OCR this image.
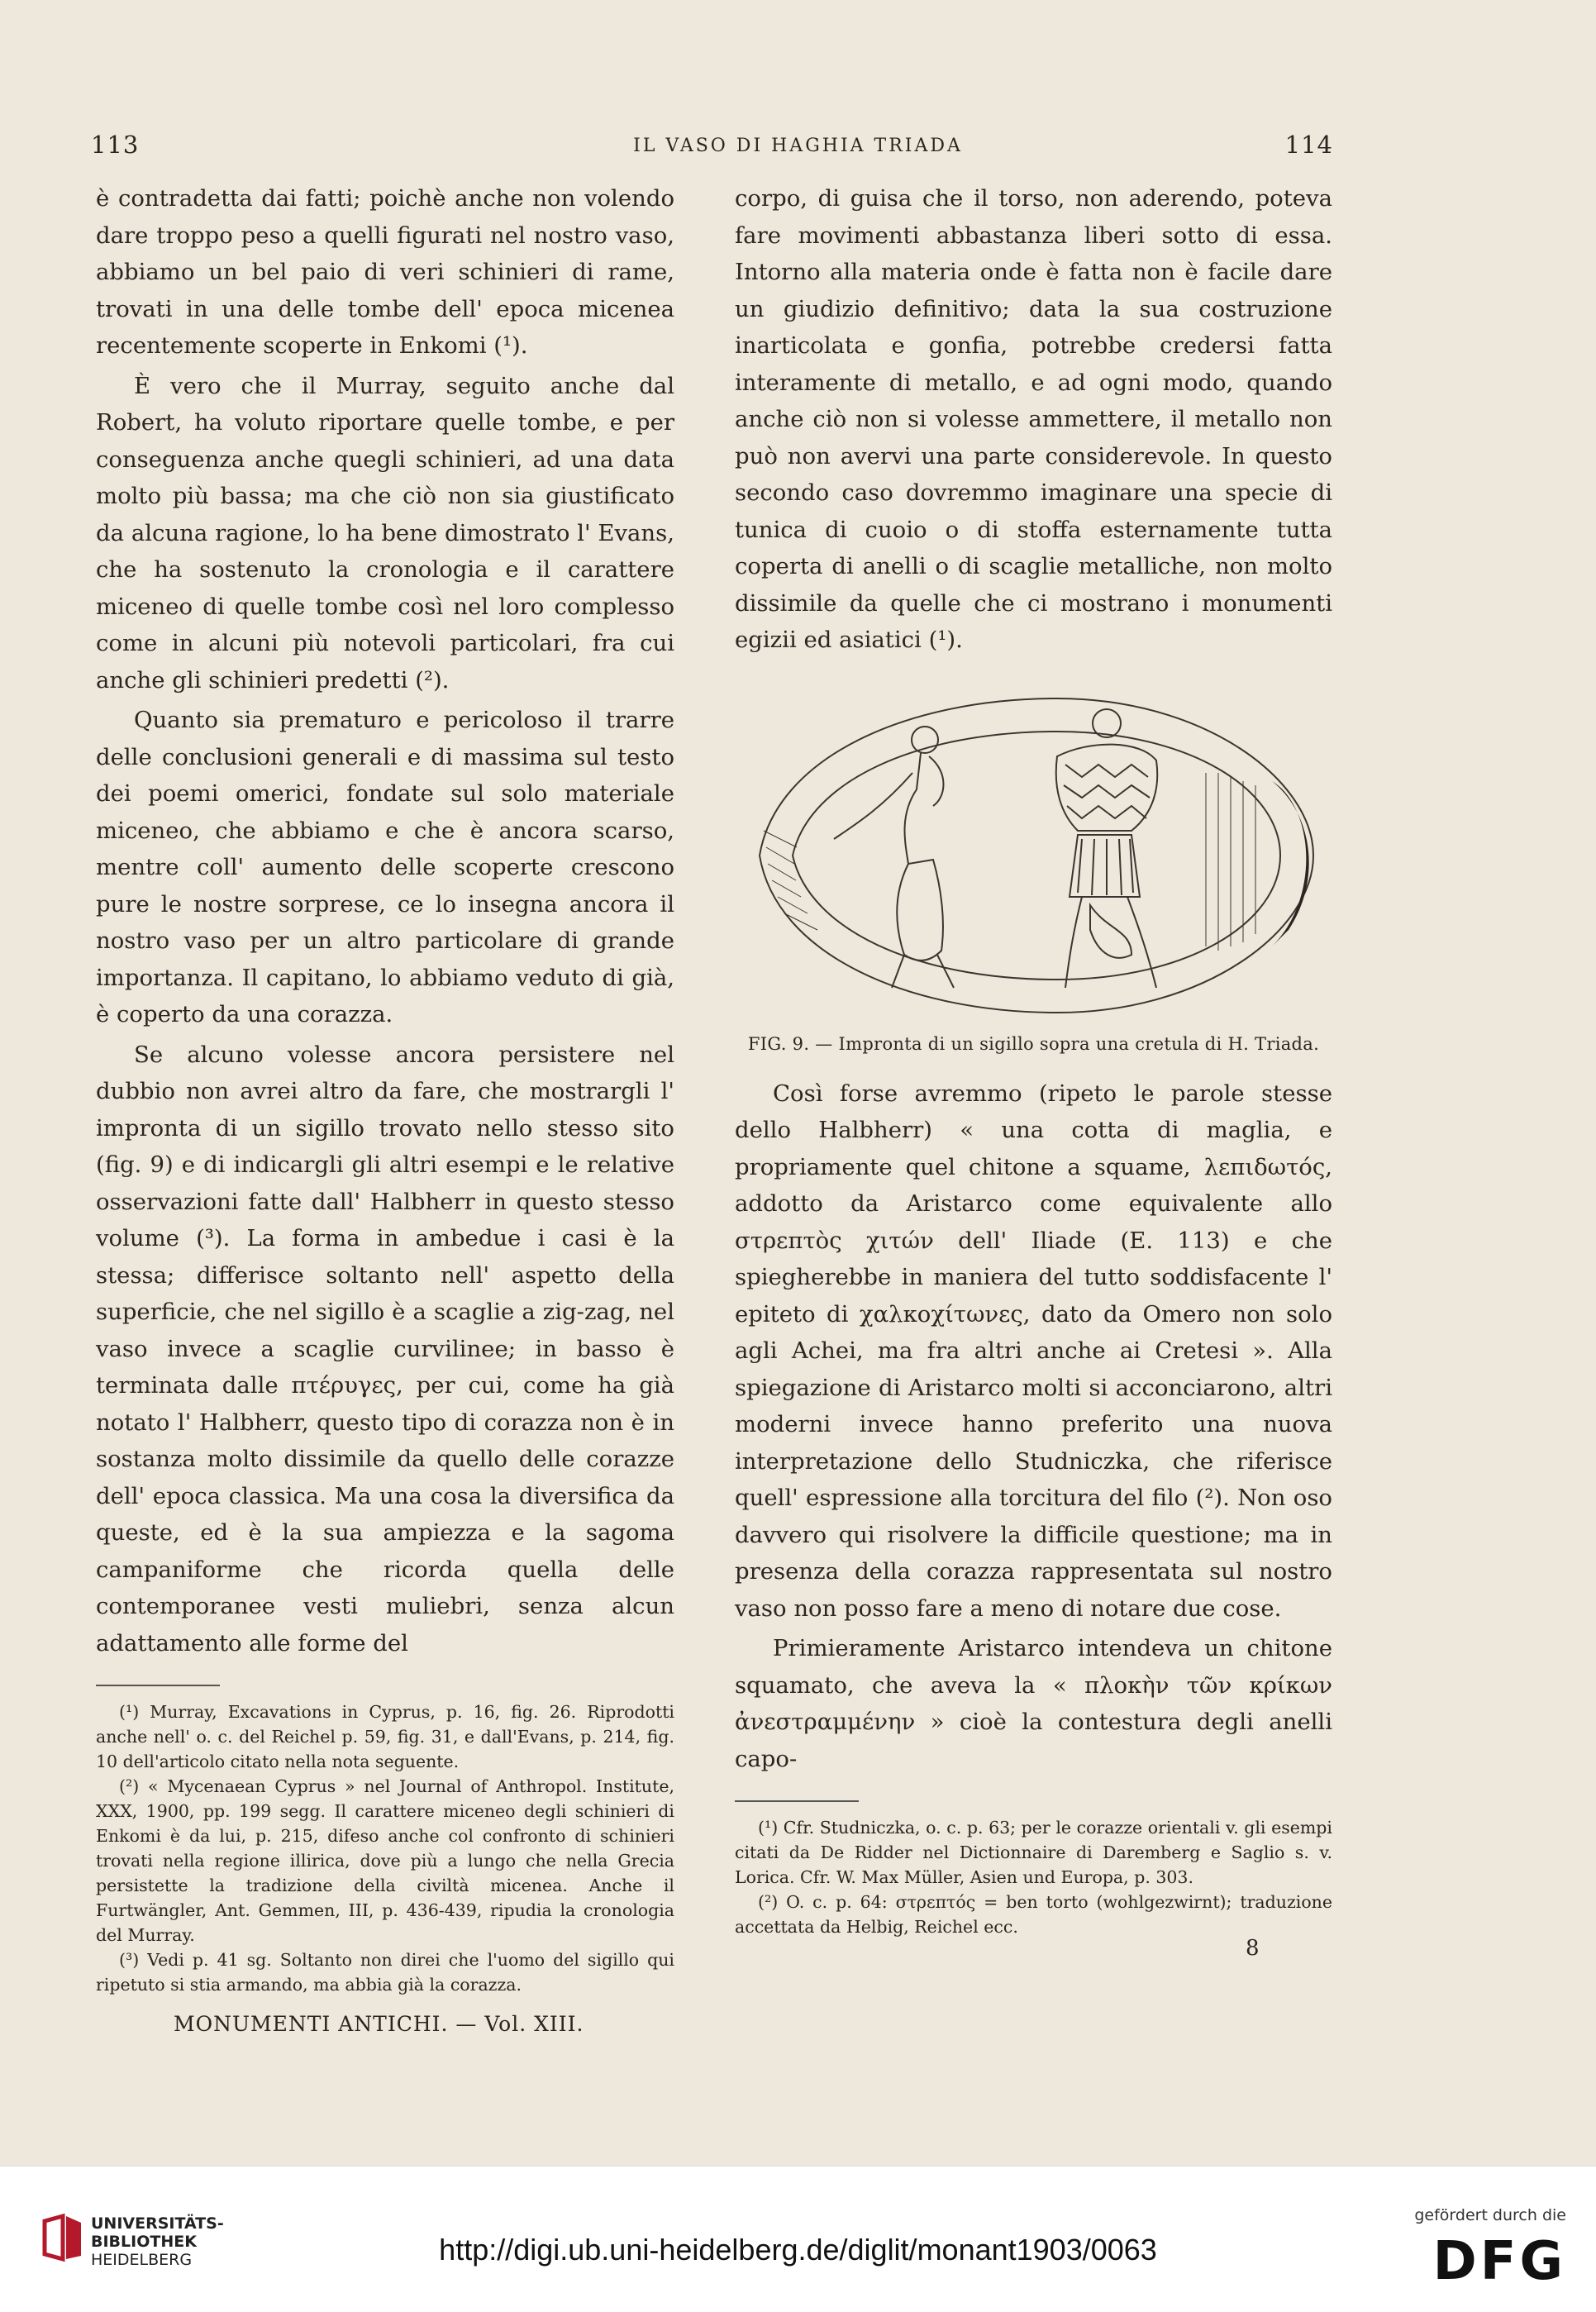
113	IL VASO DI HAGHIA TRIADA	114

è contradetta dai fatti; poichè anche non volendo dare troppo peso a quelli figurati nel nostro vaso, abbiamo un bel paio di veri schinieri di rame, trovati in una delle tombe dell' epoca micenea recentemente scoperte in Enkomi (¹).

È vero che il Murray, seguito anche dal Robert, ha voluto riportare quelle tombe, e per conseguenza anche quegli schinieri, ad una data molto più bassa; ma che ciò non sia giustificato da alcuna ragione, lo ha bene dimostrato l' Evans, che ha sostenuto la cronologia e il carattere miceneo di quelle tombe così nel loro complesso come in alcuni più notevoli particolari, fra cui anche gli schinieri predetti (²).

Quanto sia prematuro e pericoloso il trarre delle conclusioni generali e di massima sul testo dei poemi omerici, fondate sul solo materiale miceneo, che abbiamo e che è ancora scarso, mentre coll' aumento delle scoperte crescono pure le nostre sorprese, ce lo insegna ancora il nostro vaso per un altro particolare di grande importanza. Il capitano, lo abbiamo veduto di già, è coperto da una corazza.

Se alcuno volesse ancora persistere nel dubbio non avrei altro da fare, che mostrargli l' impronta di un sigillo trovato nello stesso sito (fig. 9) e di indicargli gli altri esempi e le relative osservazioni fatte dall' Halbherr in questo stesso volume (³). La forma in ambedue i casi è la stessa; differisce soltanto nell' aspetto della superficie, che nel sigillo è a scaglie a zig-zag, nel vaso invece a scaglie curvilinee; in basso è terminata dalle πτέρυγες, per cui, come ha già notato l' Halbherr, questo tipo di corazza non è in sostanza molto dissimile da quello delle corazze dell' epoca classica. Ma una cosa la diversifica da queste, ed è la sua ampiezza e la sagoma campaniforme che ricorda quella delle contemporanee vesti muliebri, senza alcun adattamento alle forme del

(¹) Murray, Excavations in Cyprus, p. 16, fig. 26. Riprodotti anche nell' o. c. del Reichel p. 59, fig. 31, e dall'Evans, p. 214, fig. 10 dell'articolo citato nella nota seguente.

(²) « Mycenaean Cyprus » nel Journal of Anthropol. Institute, XXX, 1900, pp. 199 segg. Il carattere miceneo degli schinieri di Enkomi è da lui, p. 215, difeso anche col confronto di schinieri trovati nella regione illirica, dove più a lungo che nella Grecia persistette la tradizione della civiltà micenea. Anche il Furtwängler, Ant. Gemmen, III, p. 436-439, ripudia la cronologia del Murray.

(³) Vedi p. 41 sg. Soltanto non direi che l'uomo del sigillo qui ripetuto si stia armando, ma abbia già la corazza.

MONUMENTI ANTICHI. — Vol. XIII.

corpo, di guisa che il torso, non aderendo, poteva fare movimenti abbastanza liberi sotto di essa. Intorno alla materia onde è fatta non è facile dare un giudizio definitivo; data la sua costruzione inarticolata e gonfia, potrebbe credersi fatta interamente di metallo, e ad ogni modo, quando anche ciò non si volesse ammettere, il metallo non può non avervi una parte considerevole. In questo secondo caso dovremmo imaginare una specie di tunica di cuoio o di stoffa esternamente tutta coperta di anelli o di scaglie metalliche, non molto dissimile da quelle che ci mostrano i monumenti egizii ed asiatici (¹).

FIG. 9. — Impronta di un sigillo sopra una cretula di H. Triada.

Così forse avremmo (ripeto le parole stesse dello Halbherr) « una cotta di maglia, e propriamente quel chitone a squame, λεπιδωτός, addotto da Aristarco come equivalente allo στρεπτὸς χιτών dell' Iliade (E. 113) e che spiegherebbe in maniera del tutto soddisfacente l' epiteto di χαλκοχίτωνες, dato da Omero non solo agli Achei, ma fra altri anche ai Cretesi ». Alla spiegazione di Aristarco molti si acconciarono, altri moderni invece hanno preferito una nuova interpretazione dello Studniczka, che riferisce quell' espressione alla torcitura del filo (²). Non oso davvero qui risolvere la difficile questione; ma in presenza della corazza rappresentata sul nostro vaso non posso fare a meno di notare due cose.

Primieramente Aristarco intendeva un chitone squamato, che aveva la « πλοκὴν τῶν κρίκων ἀνεστραμμένην » cioè la contestura degli anelli capo-

(¹) Cfr. Studniczka, o. c. p. 63; per le corazze orientali v. gli esempi citati da De Ridder nel Dictionnaire di Daremberg e Saglio s. v. Lorica. Cfr. W. Max Müller, Asien und Europa, p. 303.

(²) O. c. p. 64: στρεπτός = ben torto (wohlgezwirnt); traduzione accettata da Helbig, Reichel ecc.

8
UNIVERSITÄTS-
BIBLIOTHEK
HEIDELBERG	http://digi.ub.uni-heidelberg.de/diglit/monant1903/0063
gefördert durch die
DFG
